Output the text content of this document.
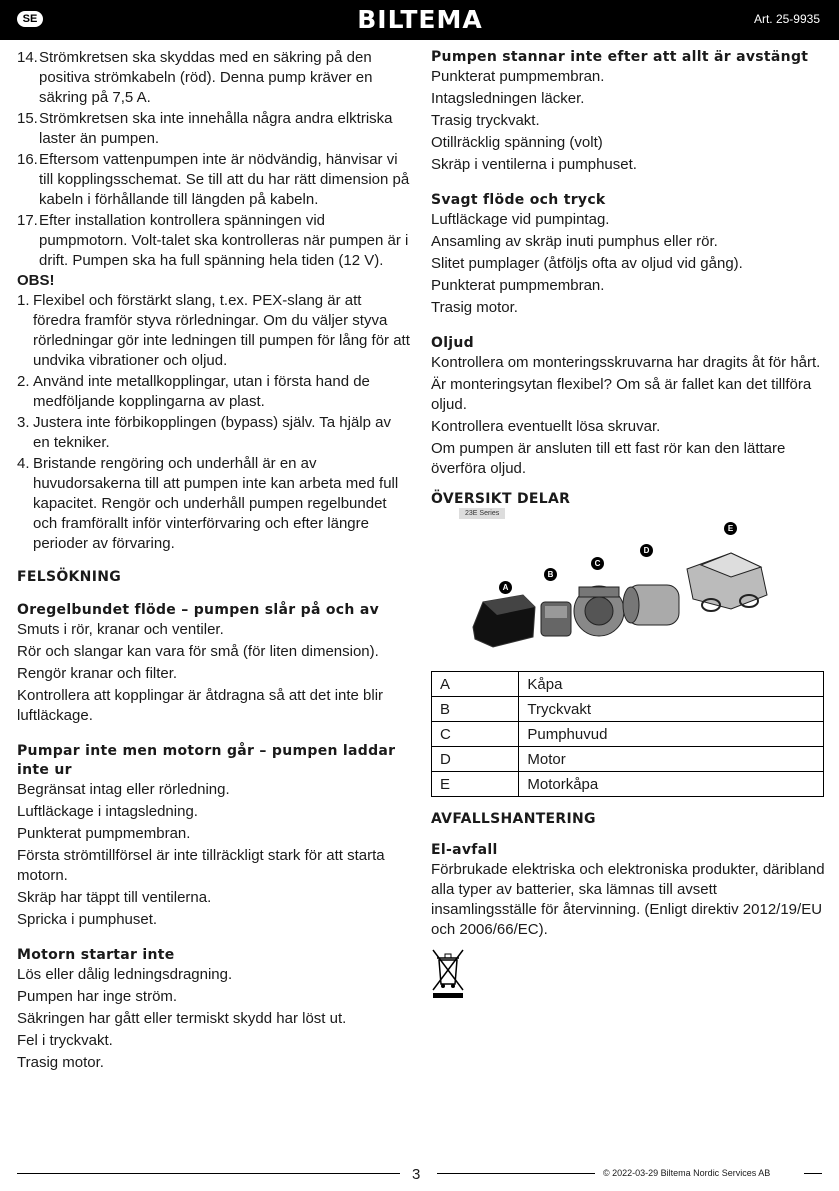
SE	BILTEMA	Art. 25-9935
14. Strömkretsen ska skyddas med en säkring på den positiva strömkabeln (röd). Denna pump kräver en säkring på 7,5 A.
15. Strömkretsen ska inte innehålla några andra elktriska laster än pumpen.
16. Eftersom vattenpumpen inte är nödvändig, hänvisar vi till kopplingsschemat. Se till att du har rätt dimension på kabeln i förhållande till längden på kabeln.
17. Efter installation kontrollera spänningen vid pumpmotorn. Volt-talet ska kontrolleras när pumpen är i drift. Pumpen ska ha full spänning hela tiden (12 V).
OBS!
1. Flexibel och förstärkt slang, t.ex. PEX-slang är att föredra framför styva rörledningar. Om du väljer styva rörledningar gör inte ledningen till pumpen för lång för att undvika vibrationer och oljud.
2. Använd inte metallkopplingar, utan i första hand de medföljande kopplingarna av plast.
3. Justera inte förbikopplingen (bypass) själv. Ta hjälp av en tekniker.
4. Bristande rengöring och underhåll är en av huvudorsakerna till att pumpen inte kan arbeta med full kapacitet. Rengör och underhåll pumpen regelbundet och framförallt inför vinterförvaring och efter längre perioder av förvaring.
FELSÖKNING
Oregelbundet flöde – pumpen slår på och av

Smuts i rör, kranar och ventiler.

Rör och slangar kan vara för små (för liten dimension).

Rengör kranar och filter.

Kontrollera att kopplingar är åtdragna så att det inte blir luftläckage.

Pumpar inte men motorn går – pumpen laddar inte ur

Begränsat intag eller rörledning.

Luftläckage i intagsledning.

Punkterat pumpmembran.

Första strömtillförsel är inte tillräckligt stark för att starta motorn.

Skräp har täppt till ventilerna.

Spricka i pumphuset.

Motorn startar inte

Lös eller dålig ledningsdragning.

Pumpen har inge ström.

Säkringen har gått eller termiskt skydd har löst ut.

Fel i tryckvakt.

Trasig motor.

Pumpen stannar inte efter att allt är avstängt

Punkterat pumpmembran.

Intagsledningen läcker.

Trasig tryckvakt.

Otillräcklig spänning (volt)

Skräp i ventilerna i pumphuset.

Svagt flöde och tryck

Luftläckage vid pumpintag.

Ansamling av skräp inuti pumphus eller rör.

Slitet pumplager (åtföljs ofta av oljud vid gång).

Punkterat pumpmembran.

Trasig motor.

Oljud

Kontrollera om monteringsskruvarna har dragits åt för hårt.

Är monteringsytan flexibel? Om så är fallet kan det tillföra oljud.

Kontrollera eventuellt lösa skruvar.

Om pumpen är ansluten till ett fast rör kan den lättare överföra oljud.

ÖVERSIKT DELAR
23E Series
A
B
C
D
E
A	Kåpa
B	Tryckvakt
C	Pumphuvud
D	Motor
E	Motorkåpa
AVFALLSHANTERING
El-avfall

Förbrukade elektriska och elektroniska produkter, däribland alla typer av batterier, ska lämnas till avsett insamlingsställe för återvinning. (Enligt direktiv 2012/19/EU och 2006/66/EC).

3	© 2022-03-29 Biltema Nordic Services AB
